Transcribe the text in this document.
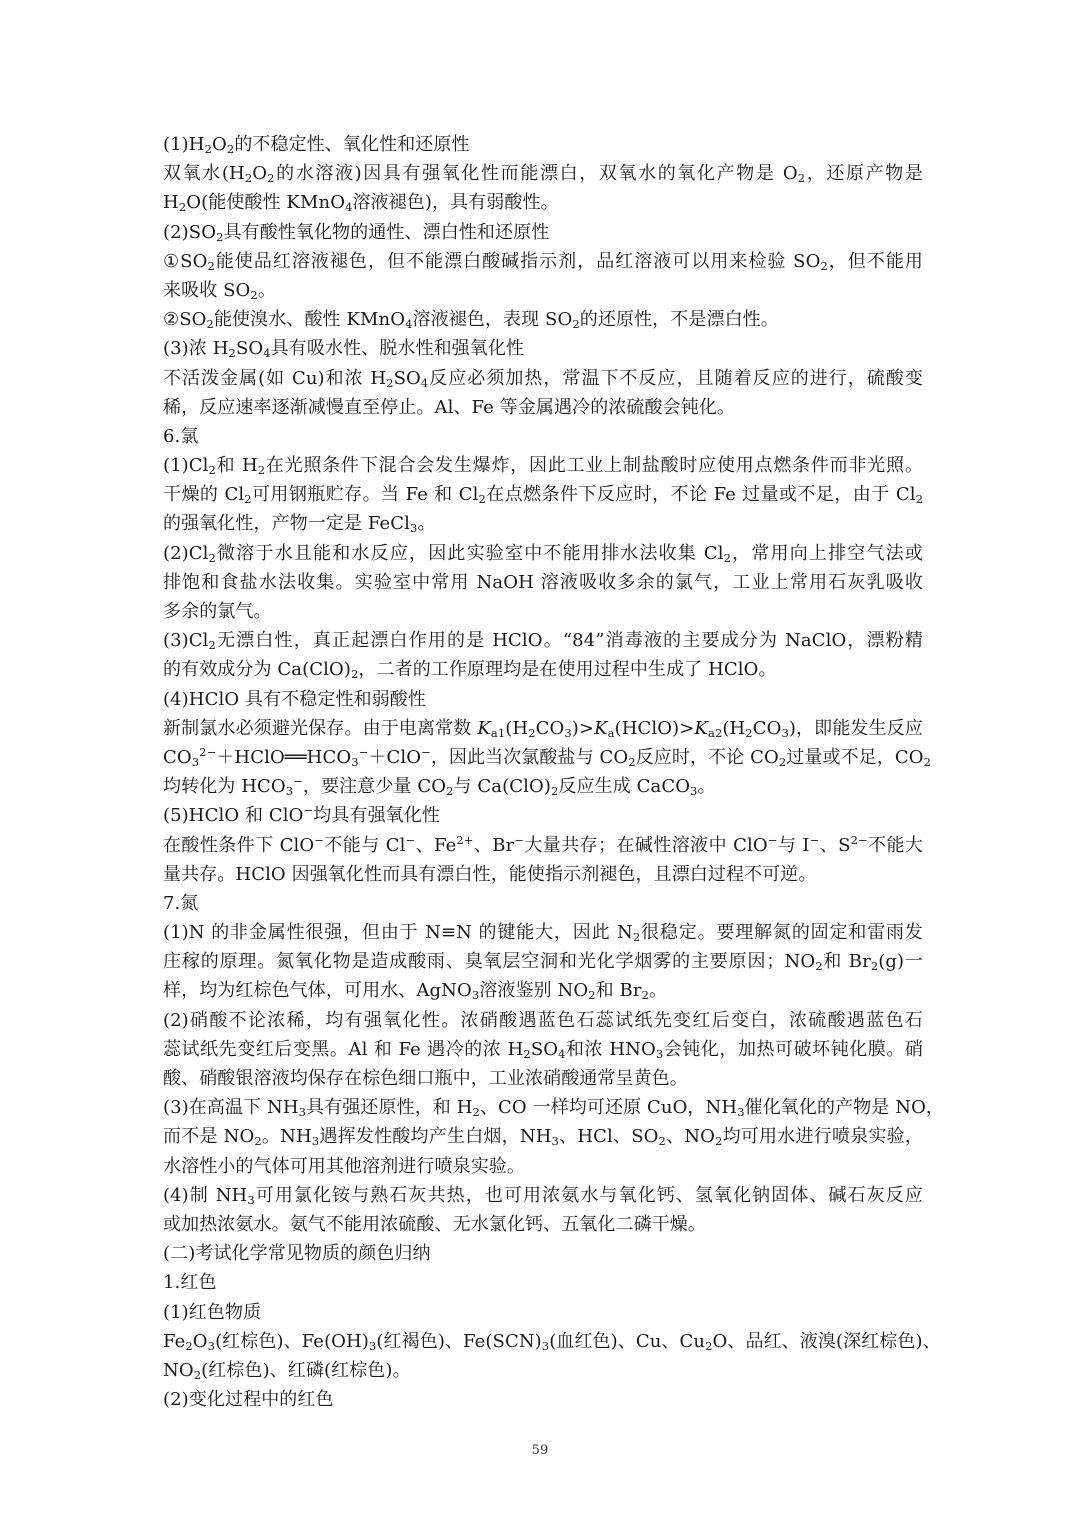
$(1)H_2O_2$的不稳定性、氧化性和还原性
双氧水($H_2O_2$的水溶液)因具有强氧化性而能漂白，双氧水的氧化产物是 $O_2$，还原产物是
$H_2O$(能使酸性 KMnO$_4$溶液褪色)，具有弱酸性。
$(2)SO_2$具有酸性氧化物的通性、漂白性和还原性
$①SO_2$能使品红溶液褪色，但不能漂白酸碱指示剂，品红溶液可以用来检验 $SO_2$，但不能用
来吸收 $SO_2$。
$②SO_2$能使溴水、酸性 KMnO$_4$溶液褪色，表现 $SO_2$的还原性，不是漂白性。
(3)浓 $H_2SO_4$具有吸水性、脱水性和强氧化性
不活泼金属(如 Cu)和浓 $H_2SO_4$反应必须加热，常温下不反应，且随着反应的进行，硫酸变
稀，反应速率逐渐减慢直至停止。Al、Fe 等金属遇冷的浓硫酸会钝化。
6.氯
$(1)Cl_2$和 $H_2$在光照条件下混合会发生爆炸，因此工业上制盐酸时应使用点燃条件而非光照。
干燥的 $Cl_2$可用钢瓶贮存。当 Fe 和 $Cl_2$在点燃条件下反应时，不论 Fe 过量或不足，由于 $Cl_2$
的强氧化性，产物一定是 FeCl$_3$。
$(2)Cl_2$微溶于水且能和水反应，因此实验室中不能用排水法收集 $Cl_2$，常用向上排空气法或
排饱和食盐水法收集。实验室中常用 NaOH 溶液吸收多余的氯气，工业上常用石灰乳吸收
多余的氯气。
$(3)Cl_2$无漂白性，真正起漂白作用的是 HClO。“84”消毒液的主要成分为 NaClO，漂粉精
的有效成分为 $Ca(ClO)_2$，二者的工作原理均是在使用过程中生成了 HClO。
(4)HClO 具有不稳定性和弱酸性
新制氯水必须避光保存。由于电离常数 $K_{a1}(H_2CO_3)>K_a(HClO)>K_{a2}(H_2CO_3)$，即能发生反应
$CO_3^{2-}+HClO══HCO_3^-+ClO^-$，因此当次氯酸盐与 $CO_2$反应时，不论 $CO_2$过量或不足，$CO_2$
均转化为 $HCO_3^-$，要注意少量 $CO_2$与 $Ca(ClO)_2$反应生成 CaCO$_3$。
(5)HClO 和 ClO−均具有强氧化性
在酸性条件下 ClO−不能与 Cl−、$Fe^{2+}$、Br−大量共存；在碱性溶液中 ClO−与 I−、$S^{2-}$不能大
量共存。HClO 因强氧化性而具有漂白性，能使指示剂褪色，且漂白过程不可逆。
7.氮
(1)N 的非金属性很强，但由于 N≡N 的键能大，因此 $N_2$很稳定。要理解氮的固定和雷雨发
庄稼的原理。氮氧化物是造成酸雨、臭氧层空洞和光化学烟雾的主要原因；$NO_2$和 $Br_2(g)$一
样，均为红棕色气体，可用水、AgNO$_3$溶液鉴别 $NO_2$和 $Br_2$。
(2)硝酸不论浓稀，均有强氧化性。浓硝酸遇蓝色石蕊试纸先变红后变白，浓硫酸遇蓝色石
蕊试纸先变红后变黑。Al 和 Fe 遇冷的浓 $H_2SO_4$和浓 $HNO_3$会钝化，加热可破坏钝化膜。硝
酸、硝酸银溶液均保存在棕色细口瓶中，工业浓硝酸通常呈黄色。
(3)在高温下 $NH_3$具有强还原性，和 $H_2$、CO 一样均可还原 CuO，$NH_3$催化氧化的产物是 NO，
而不是 $NO_2$。$NH_3$遇挥发性酸均产生白烟，$NH_3$、HCl、$SO_2$、$NO_2$均可用水进行喷泉实验，
水溶性小的气体可用其他溶剂进行喷泉实验。
(4)制 $NH_3$可用氯化铵与熟石灰共热，也可用浓氨水与氧化钙、氢氧化钠固体、碱石灰反应
或加热浓氨水。氨气不能用浓硫酸、无水氯化钙、五氧化二磷干燥。
(二)考试化学常见物质的颜色归纳
1.红色
(1)红色物质
$Fe_2O_3$(红棕色)、$Fe(OH)_3$(红褐色)、$Fe(SCN)_3$(血红色)、Cu、$Cu_2O$、品红、液溴(深红棕色)、
$NO_2$(红棕色)、红磷(红棕色)。
(2)变化过程中的红色
59
